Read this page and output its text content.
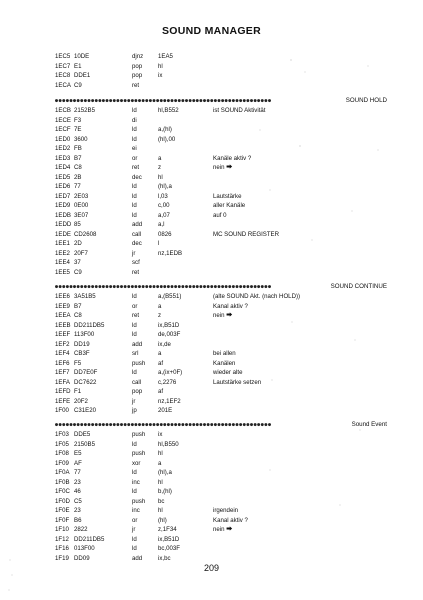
SOUND MANAGER
1EC5 10DE	djnz 1EA5
1EC7 E1	pop	hl
1EC8 DDE1	pop	ix
1ECA C9	ret
●●●●●●●●●●●●●●●●●●●●●●●●●●●●●●●●●●●●●●●●●●●●●●●●●●●●●●●●●●●●	SOUND HOLD
1ECB 2152B5	ld	hl,B552	ist SOUND Aktivität
1ECE F3	di
1ECF 7E	ld	a,(hl)
1ED0 3600	ld	(hl),00
1ED2 FB	ei
1ED3 B7	or	a	Kanäle aktiv ?
1ED4 C8	ret	z	nein ⮕
1ED5 2B	dec	hl
1ED6 77	ld	(hl),a
1ED7 2E03	ld	l,03	Lautstärke
1ED9 0E00	ld	c,00	aller Kanäle
1EDB 3E07	ld	a,07	auf 0
1EDD 85	add	a,l
1EDE CD2608	call	0826	MC SOUND REGISTER
1EE1 2D	dec	l
1EE2 20F7	jr	nz,1EDB
1EE4 37	scf
1EE5 C9	ret
●●●●●●●●●●●●●●●●●●●●●●●●●●●●●●●●●●●●●●●●●●●●●●●●●●●●●●●●●●●●	SOUND CONTINUE
1EE6 3A51B5	ld	a,(B551)	(alte SOUND Akt. (nach HOLD))
1EE9 B7	or	a	Kanal aktiv ?
1EEA C8	ret	z	nein ⮕
1EEB DD211DB5	ld	ix,B51D
1EEF 113F00	ld	de,003F
1EF2 DD19	add	ix,de
1EF4 CB3F	srl	a	bei allen
1EF6 F5	push af	Kanälen
1EF7 DD7E0F	ld	a,(ix+0F)	wieder alte
1EFA DC7622	call	c,2276	Lautstärke setzen
1EFD F1	pop	af
1EFE 20F2	jr	nz,1EF2
1F00 C31E20	jp	201E
●●●●●●●●●●●●●●●●●●●●●●●●●●●●●●●●●●●●●●●●●●●●●●●●●●●●●●●●●●●●	Sound Event
1F03 DDE5	push ix
1F05 2150B5	ld	hl,B550
1F08 E5	push hl
1F09 AF	xor	a
1F0A 77	ld	(hl),a
1F0B 23	inc	hl
1F0C 46	ld	b,(hl)
1F0D C5	push bc
1F0E 23	inc	hl	irgendein
1F0F B6	or	(hl)	Kanal aktiv ?
1F10 2822	jr	z,1F34	nein ⮕
1F12 DD211DB5	ld	ix,B51D
1F16 013F00	ld	bc,003F
1F19 DD09	add	ix,bc
209
